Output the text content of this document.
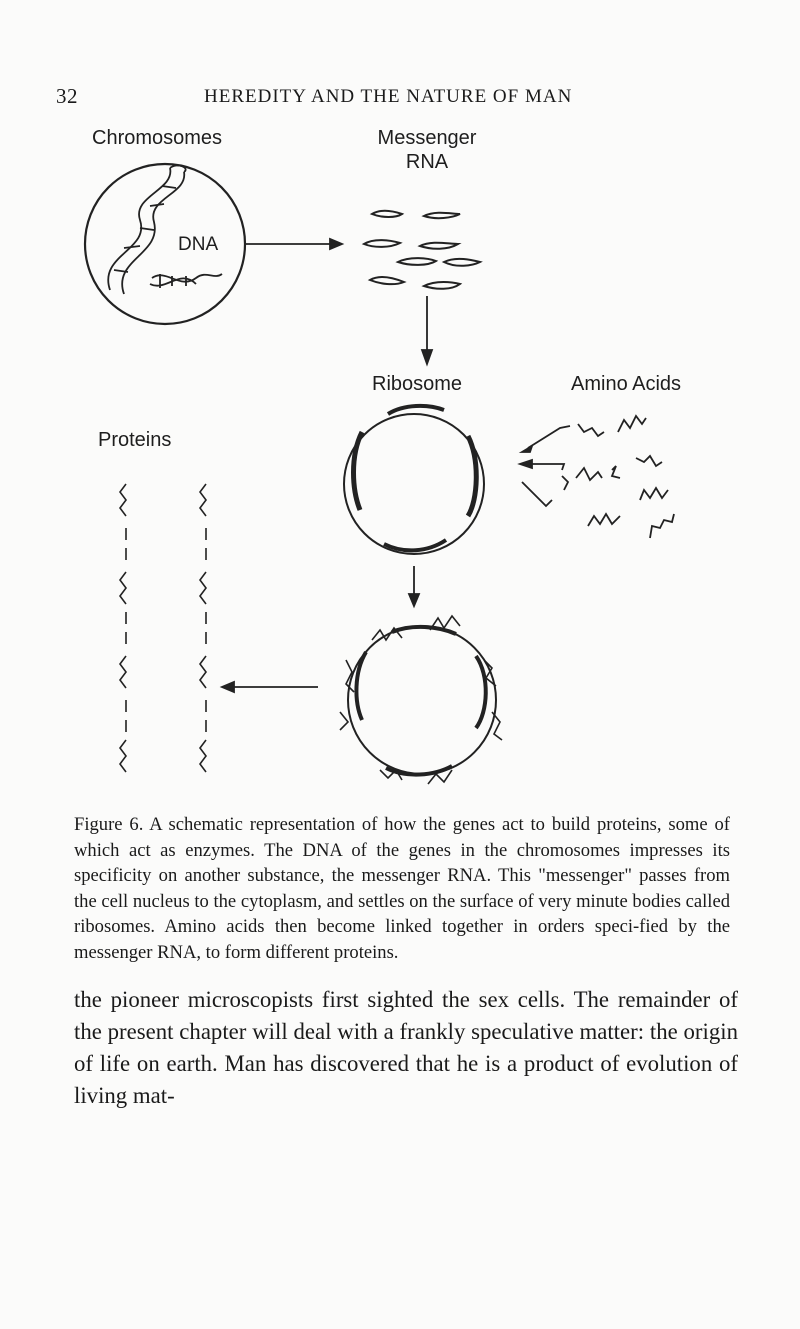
32	HEREDITY AND THE NATURE OF MAN
Chromosomes	Messenger
RNA
DNA
Ribosome	Amino Acids
Proteins
Figure 6. A schematic representation of how the genes act to build proteins, some of which act as enzymes. The DNA of the genes in the chromosomes impresses its specificity on another substance, the messenger RNA. This "messenger" passes from the cell nucleus to the cytoplasm, and settles on the surface of very minute bodies called ribosomes. Amino acids then become linked together in orders speci-fied by the messenger RNA, to form different proteins.
the pioneer microscopists first sighted the sex cells. The remainder of the present chapter will deal with a frankly speculative matter: the origin of life on earth. Man has discovered that he is a product of evolution of living mat-
